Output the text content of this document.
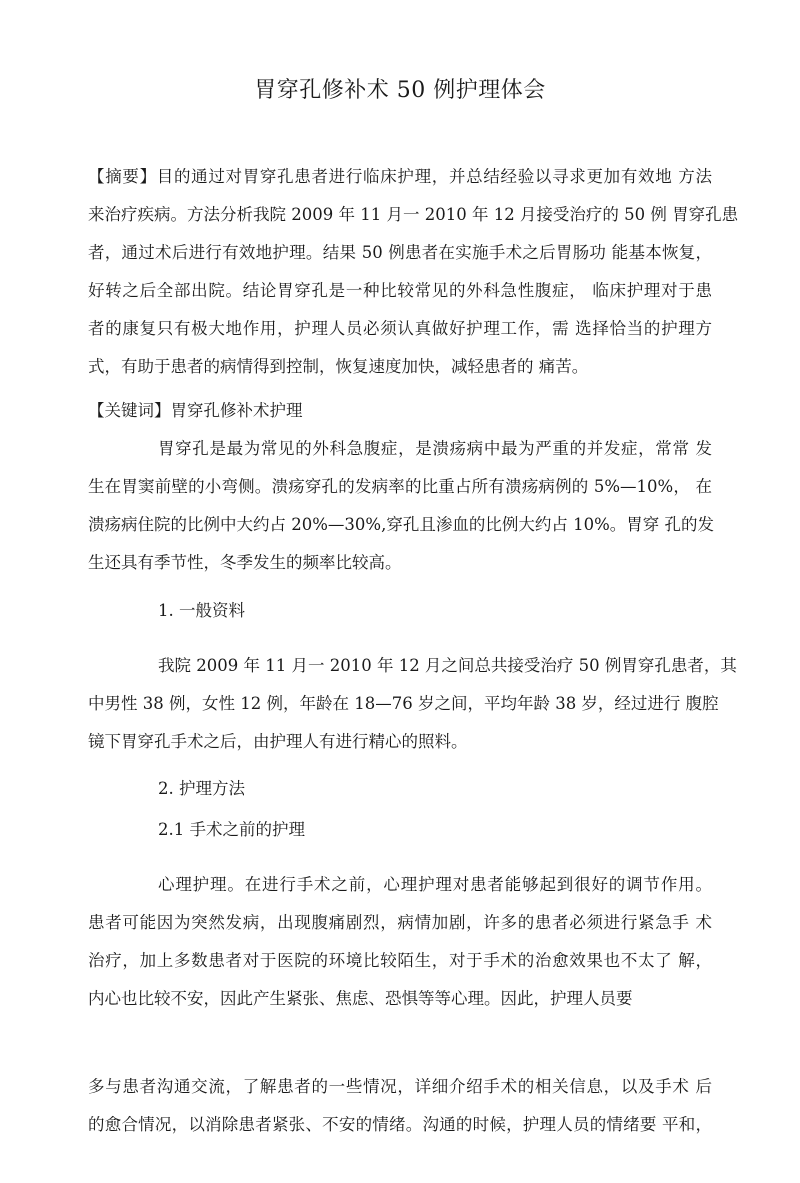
胃穿孔修补术 50 例护理体会
【摘要】目的通过对胃穿孔患者进行临床护理，并总结经验以寻求更加有效地 方法
来治疗疾病。方法分析我院 2009 年 11 月一 2010 年 12 月接受治疗的 50 例 胃穿孔患
者，通过术后进行有效地护理。结果 50 例患者在实施手术之后胃肠功 能基本恢复，
好转之后全部出院。结论胃穿孔是一种比较常见的外科急性腹症， 临床护理对于患
者的康复只有极大地作用，护理人员必须认真做好护理工作，需 选择恰当的护理方
式，有助于患者的病情得到控制，恢复速度加快，减轻患者的 痛苦。
【关键词】胃穿孔修补术护理
胃穿孔是最为常见的外科急腹症，是溃疡病中最为严重的并发症，常常 发
生在胃窦前壁的小弯侧。溃疡穿孔的发病率的比重占所有溃疡病例的 5%—10%， 在
溃疡病住院的比例中大约占 20%—30%,穿孔且渗血的比例大约占 10%。胃穿 孔的发
生还具有季节性，冬季发生的频率比较高。
1. 一般资料
我院 2009 年 11 月一 2010 年 12 月之间总共接受治疗 50 例胃穿孔患者，其
中男性 38 例，女性 12 例，年龄在 18—76 岁之间，平均年龄 38 岁，经过进行 腹腔
镜下胃穿孔手术之后，由护理人有进行精心的照料。
2. 护理方法
2.1 手术之前的护理
心理护理。在进行手术之前，心理护理对患者能够起到很好的调节作用。
患者可能因为突然发病，出现腹痛剧烈，病情加剧，许多的患者必须进行紧急手 术
治疗，加上多数患者对于医院的环境比较陌生，对于手术的治愈效果也不太了 解，
内心也比较不安，因此产生紧张、焦虑、恐惧等等心理。因此，护理人员要
多与患者沟通交流，了解患者的一些情况，详细介绍手术的相关信息，以及手术 后
的愈合情况，以消除患者紧张、不安的情绪。沟通的时候，护理人员的情绪要 平和，
